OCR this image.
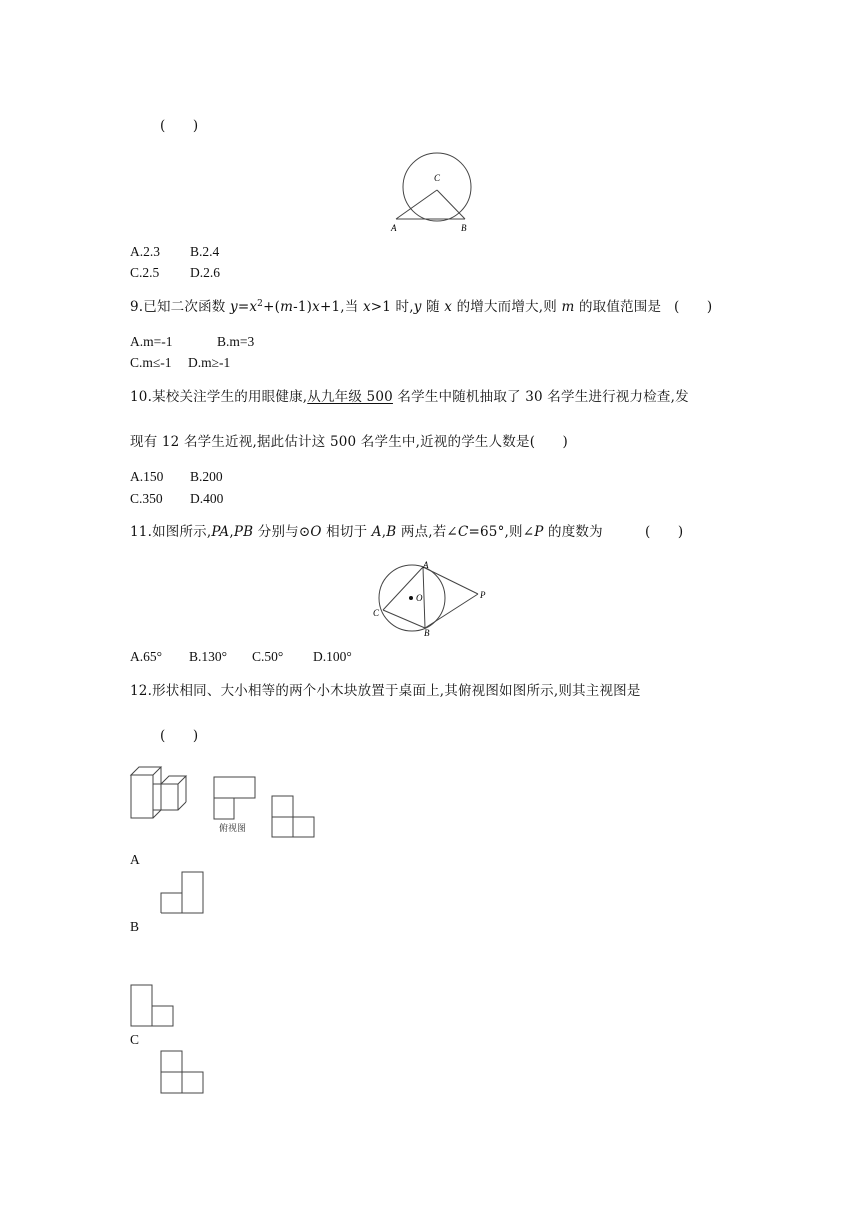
(　　)
C
A	B
A.2.3 B.2.4
C.2.5 D.2.6
9.已知二次函数 $y=x^2+(m-1)x+1$,当 x>1 时,y 随 x 的增大而增大,则 m 的取值范围是 (　　)
A.m=-1	B.m=3
C.m≤-1 D.m≥-1
10.某校关注学生的用眼健康,从九年级 500 名学生中随机抽取了 30 名学生进行视力检查,发
现有 12 名学生近视,据此估计这 500 名学生中,近视的学生人数是(　　)
A.150 B.200
C.350 D.400
11.如图所示,PA,PB 分别与⊙O 相切于 A,B 两点,若∠C=65°,则∠P 的度数为	(　　)
A
O	P
C
B
A.65° B.130° C.50° D.100°
12.形状相同、大小相等的两个小木块放置于桌面上,其俯视图如图所示,则其主视图是
(　　)
俯视图
A
B
C
